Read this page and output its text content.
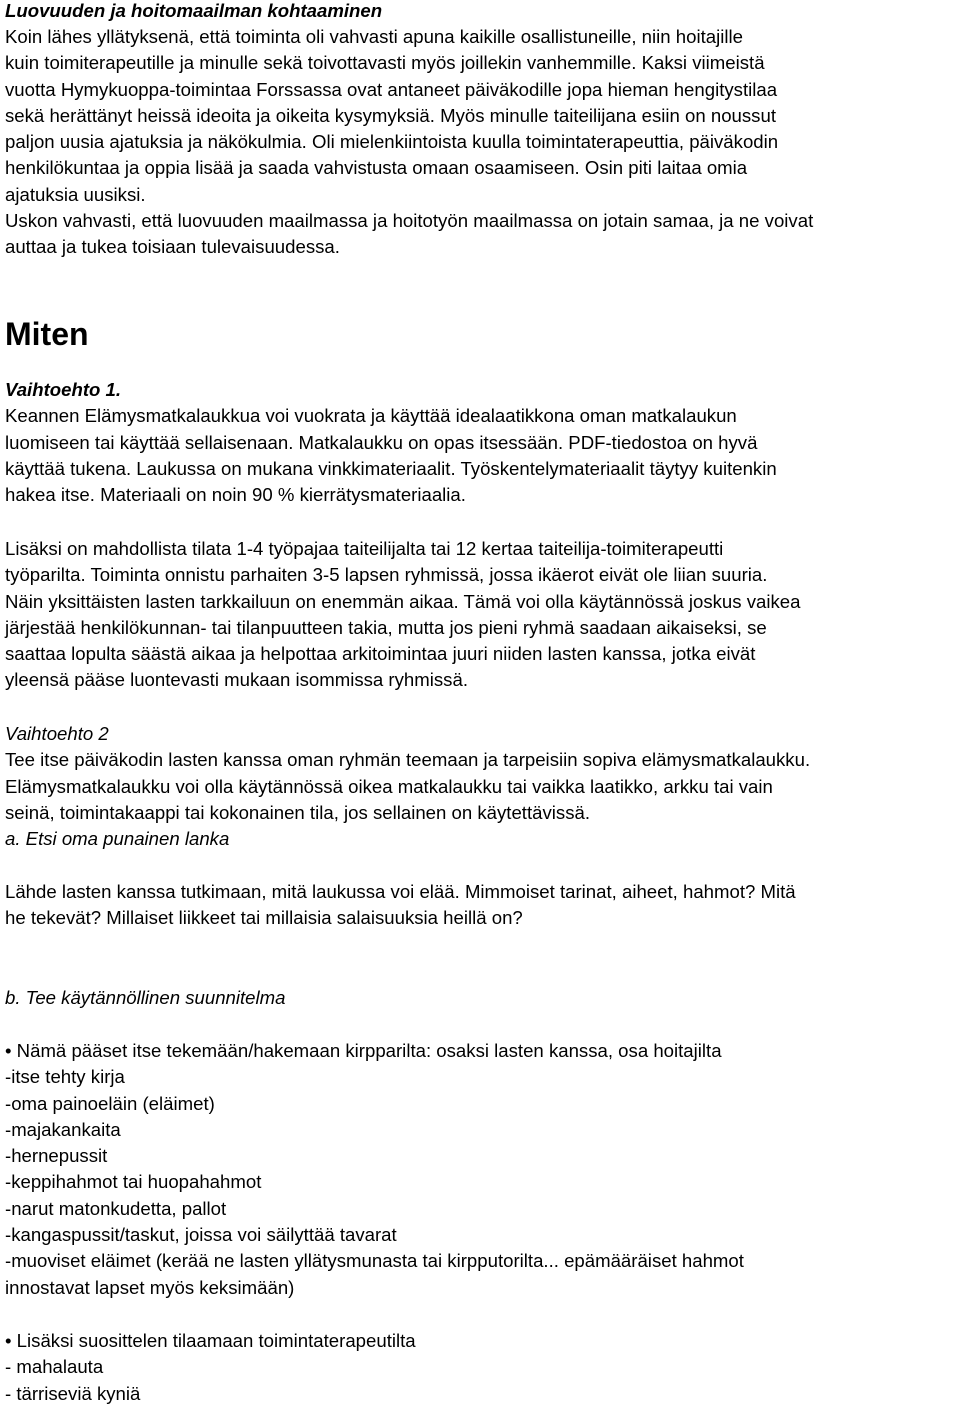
Luovuuden ja hoitomaailman kohtaaminen
Koin lähes yllätyksenä, että toiminta oli vahvasti apuna kaikille osallistuneille, niin hoitajille
kuin toimiterapeutille ja minulle sekä toivottavasti myös joillekin vanhemmille. Kaksi viimeistä
vuotta Hymykuoppa-toimintaa Forssassa ovat antaneet päiväkodille jopa hieman hengitystilaa
sekä herättänyt heissä ideoita ja oikeita kysymyksiä. Myös minulle taiteilijana esiin on noussut
paljon uusia ajatuksia ja näkökulmia. Oli mielenkiintoista kuulla toimintaterapeuttia, päiväkodin
henkilökuntaa ja oppia lisää ja saada vahvistusta omaan osaamiseen. Osin piti laitaa omia
ajatuksia uusiksi.
Uskon vahvasti, että luovuuden maailmassa ja hoitotyön maailmassa on jotain samaa, ja ne voivat
auttaa ja tukea toisiaan tulevaisuudessa.
Miten
Vaihtoehto 1.
Keannen Elämysmatkalaukkua voi vuokrata ja käyttää idealaatikkona oman matkalaukun
luomiseen tai käyttää sellaisenaan. Matkalaukku on opas itsessään. PDF-tiedostoa on hyvä
käyttää tukena. Laukussa on mukana vinkkimateriaalit. Työskentelymateriaalit täytyy kuitenkin
hakea itse. Materiaali on noin 90 % kierrätysmateriaalia.
Lisäksi on mahdollista tilata 1-4 työpajaa taiteilijalta tai 12 kertaa taiteilija-toimiterapeutti
työparilta. Toiminta onnistu parhaiten 3-5 lapsen ryhmissä, jossa ikäerot eivät ole liian suuria.
Näin yksittäisten lasten tarkkailuun on enemmän aikaa. Tämä voi olla käytännössä joskus vaikea
järjestää henkilökunnan- tai tilanpuutteen takia, mutta jos pieni ryhmä saadaan aikaiseksi, se
saattaa lopulta säästä aikaa ja helpottaa arkitoimintaa juuri niiden lasten kanssa, jotka eivät
yleensä pääse luontevasti mukaan isommissa ryhmissä.
Vaihtoehto 2
Tee itse päiväkodin lasten kanssa oman ryhmän teemaan ja tarpeisiin sopiva elämysmatkalaukku.
Elämysmatkalaukku voi olla käytännössä oikea matkalaukku tai vaikka laatikko, arkku tai vain
seinä, toimintakaappi tai kokonainen tila, jos sellainen on käytettävissä.
a. Etsi oma punainen lanka
Lähde lasten kanssa tutkimaan, mitä laukussa voi elää. Mimmoiset tarinat, aiheet, hahmot? Mitä
he tekevät? Millaiset liikkeet tai millaisia salaisuuksia heillä on?
b. Tee käytännöllinen suunnitelma
• Nämä pääset itse tekemään/hakemaan kirpparilta: osaksi lasten kanssa, osa hoitajilta
-itse tehty kirja
-oma painoeläin (eläimet)
-majakankaita
-hernepussit
-keppihahmot tai huopahahmot
-narut matonkudetta, pallot
-kangaspussit/taskut, joissa voi säilyttää tavarat
-muoviset eläimet (kerää ne lasten yllätysmunasta tai kirpputorilta... epämääräiset hahmot
innostavat lapset myös keksimään)
• Lisäksi suosittelen tilaamaan toimintaterapeutilta
- mahalauta
- tärriseviä kyniä
